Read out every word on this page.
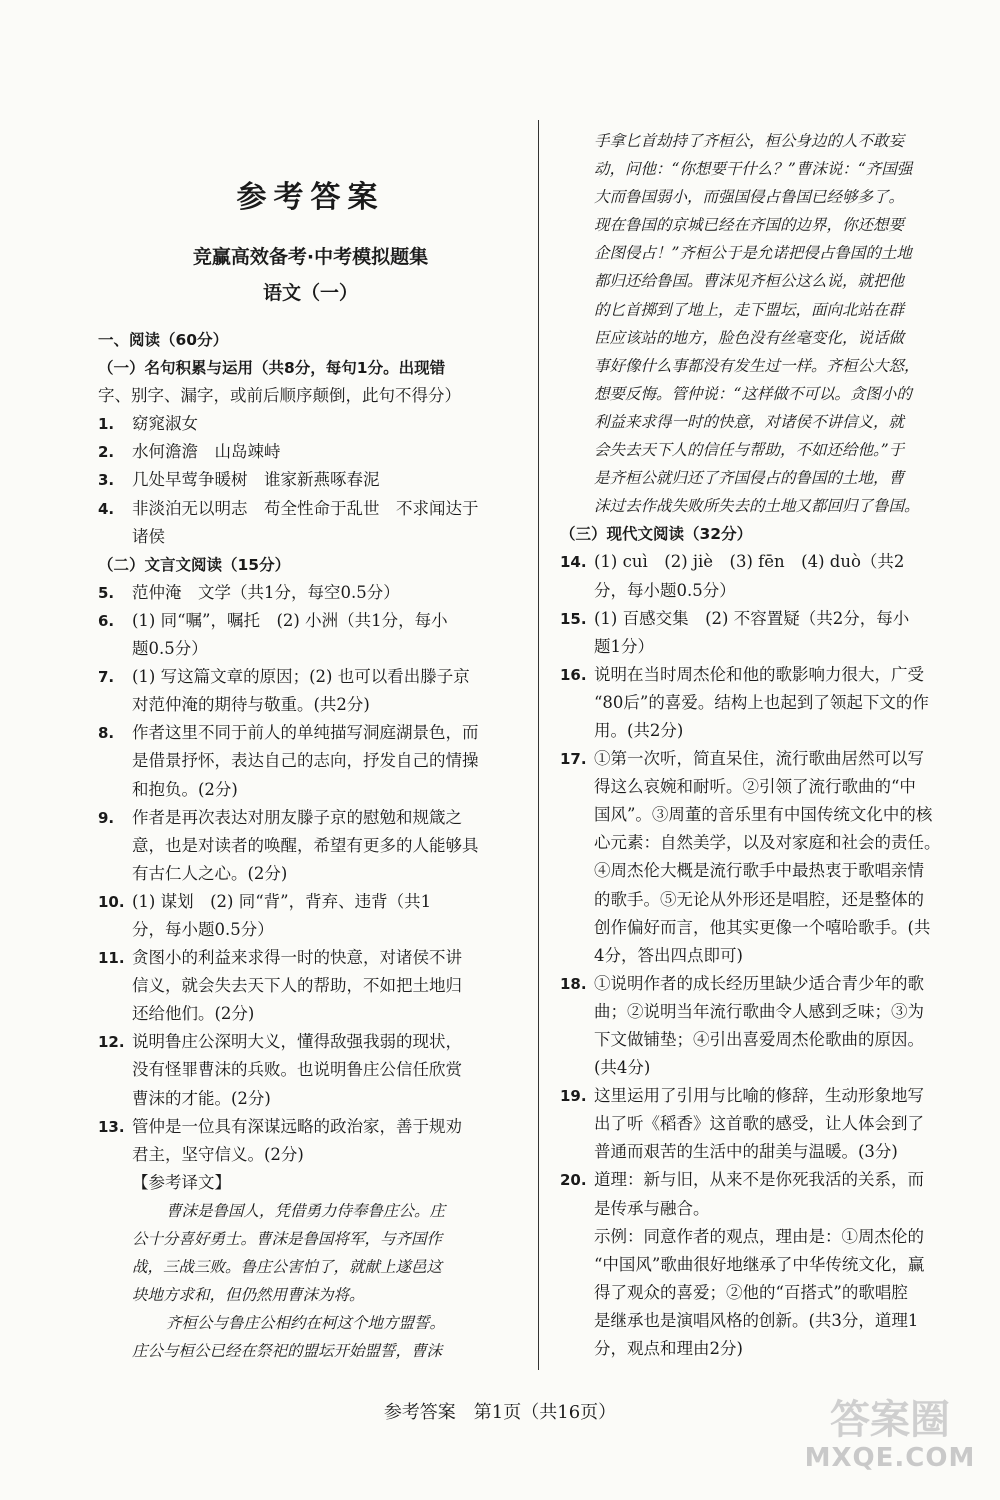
参考答案
竞赢高效备考·中考模拟题集
语文（一）
一、阅读（60分）
（一）名句积累与运用（共8分，每句1分。出现错
字、别字、漏字，或前后顺序颠倒，此句不得分）
1. 窈窕淑女
2. 水何澹澹　山岛竦峙
3. 几处早莺争暖树　谁家新燕啄春泥
4. 非淡泊无以明志　苟全性命于乱世　不求闻达于
诸侯
（二）文言文阅读（15分）
5. 范仲淹　文学（共1分，每空0.5分）
6. (1) 同“嘱”，嘱托　(2) 小洲（共1分，每小
题0.5分）
7. (1) 写这篇文章的原因；(2) 也可以看出滕子京
对范仲淹的期待与敬重。(共2分)
8. 作者这里不同于前人的单纯描写洞庭湖景色，而
是借景抒怀，表达自己的志向，抒发自己的情操
和抱负。(2分)
9. 作者是再次表达对朋友滕子京的慰勉和规箴之
意，也是对读者的唤醒，希望有更多的人能够具
有古仁人之心。(2分)
10. (1) 谋划　(2) 同“背”，背弃、违背（共1
分，每小题0.5分）
11. 贪图小的利益来求得一时的快意，对诸侯不讲
信义，就会失去天下人的帮助，不如把土地归
还给他们。(2分)
12. 说明鲁庄公深明大义，懂得敌强我弱的现状，
没有怪罪曹沫的兵败。也说明鲁庄公信任欣赏
曹沫的才能。(2分)
13. 管仲是一位具有深谋远略的政治家，善于规劝
君主，坚守信义。(2分)
【参考译文】
曹沫是鲁国人，凭借勇力侍奉鲁庄公。庄
公十分喜好勇士。曹沫是鲁国将军，与齐国作
战，三战三败。鲁庄公害怕了，就献上遂邑这
块地方求和，但仍然用曹沫为将。
齐桓公与鲁庄公相约在柯这个地方盟誓。
庄公与桓公已经在祭祀的盟坛开始盟誓，曹沫
手拿匕首劫持了齐桓公，桓公身边的人不敢妄
动，问他：“你想要干什么？”曹沫说：“齐国强
大而鲁国弱小，而强国侵占鲁国已经够多了。
现在鲁国的京城已经在齐国的边界，你还想要
企图侵占！”齐桓公于是允诺把侵占鲁国的土地
都归还给鲁国。曹沫见齐桓公这么说，就把他
的匕首掷到了地上，走下盟坛，面向北站在群
臣应该站的地方，脸色没有丝毫变化，说话做
事好像什么事都没有发生过一样。齐桓公大怒，
想要反悔。管仲说：“这样做不可以。贪图小的
利益来求得一时的快意，对诸侯不讲信义，就
会失去天下人的信任与帮助，不如还给他。”于
是齐桓公就归还了齐国侵占的鲁国的土地，曹
沫过去作战失败所失去的土地又都回归了鲁国。
（三）现代文阅读（32分）
14. (1) cuì　(2) jiè　(3) fēn　(4) duò（共2
分，每小题0.5分）
15. (1) 百感交集　(2) 不容置疑（共2分，每小
题1分）
16. 说明在当时周杰伦和他的歌影响力很大，广受
“80后”的喜爱。结构上也起到了领起下文的作
用。(共2分)
17. ①第一次听，简直呆住，流行歌曲居然可以写
得这么哀婉和耐听。②引领了流行歌曲的“中
国风”。③周董的音乐里有中国传统文化中的核
心元素：自然美学，以及对家庭和社会的责任。
④周杰伦大概是流行歌手中最热衷于歌唱亲情
的歌手。⑤无论从外形还是唱腔，还是整体的
创作偏好而言，他其实更像一个嘻哈歌手。(共
4分，答出四点即可)
18. ①说明作者的成长经历里缺少适合青少年的歌
曲；②说明当年流行歌曲令人感到乏味；③为
下文做铺垫；④引出喜爱周杰伦歌曲的原因。
(共4分)
19. 这里运用了引用与比喻的修辞，生动形象地写
出了听《稻香》这首歌的感受，让人体会到了
普通而艰苦的生活中的甜美与温暖。(3分)
20. 道理：新与旧，从来不是你死我活的关系，而
是传承与融合。
示例：同意作者的观点，理由是：①周杰伦的
“中国风”歌曲很好地继承了中华传统文化，赢
得了观众的喜爱；②他的“百搭式”的歌唱腔
是继承也是演唱风格的创新。(共3分，道理1
分，观点和理由2分)
参考答案　第1页（共16页）	答案圈
MXQE.COM
